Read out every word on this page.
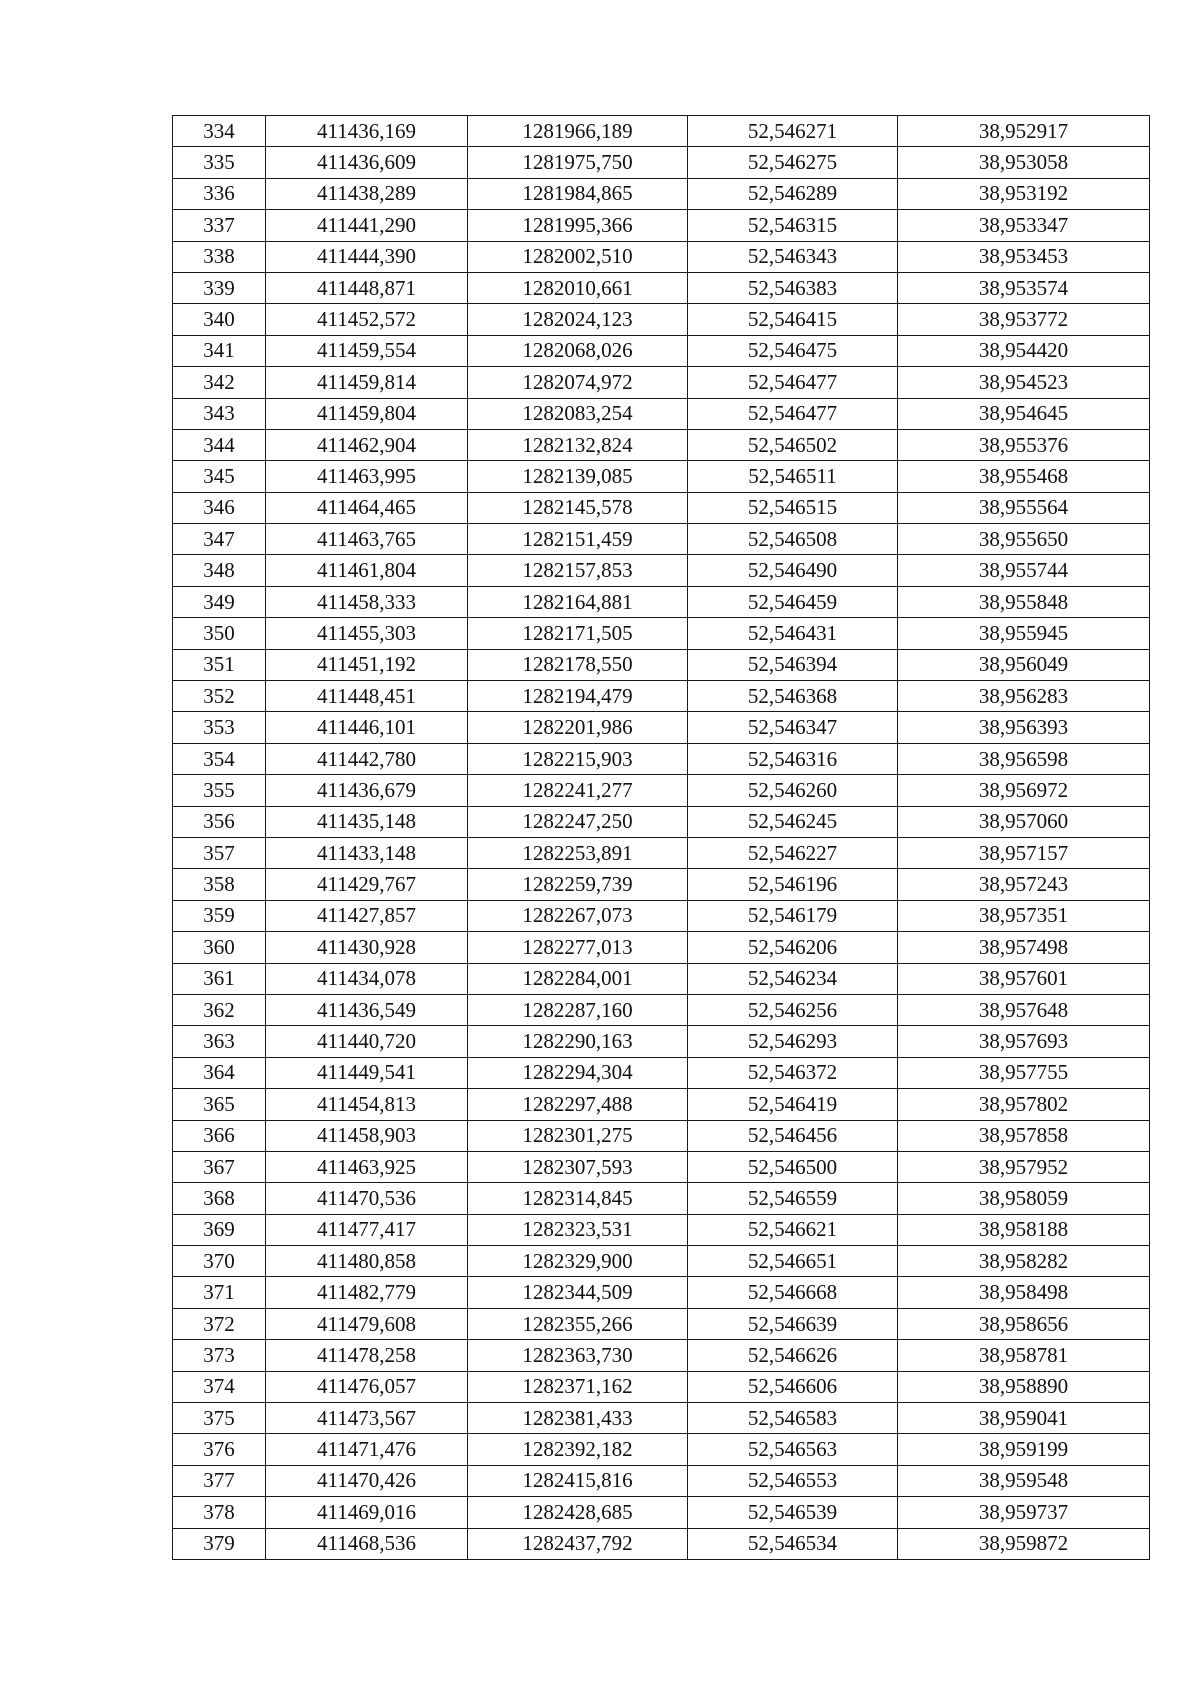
334	411436,169	1281966,189	52,546271	38,952917
335	411436,609	1281975,750	52,546275	38,953058
336	411438,289	1281984,865	52,546289	38,953192
337	411441,290	1281995,366	52,546315	38,953347
338	411444,390	1282002,510	52,546343	38,953453
339	411448,871	1282010,661	52,546383	38,953574
340	411452,572	1282024,123	52,546415	38,953772
341	411459,554	1282068,026	52,546475	38,954420
342	411459,814	1282074,972	52,546477	38,954523
343	411459,804	1282083,254	52,546477	38,954645
344	411462,904	1282132,824	52,546502	38,955376
345	411463,995	1282139,085	52,546511	38,955468
346	411464,465	1282145,578	52,546515	38,955564
347	411463,765	1282151,459	52,546508	38,955650
348	411461,804	1282157,853	52,546490	38,955744
349	411458,333	1282164,881	52,546459	38,955848
350	411455,303	1282171,505	52,546431	38,955945
351	411451,192	1282178,550	52,546394	38,956049
352	411448,451	1282194,479	52,546368	38,956283
353	411446,101	1282201,986	52,546347	38,956393
354	411442,780	1282215,903	52,546316	38,956598
355	411436,679	1282241,277	52,546260	38,956972
356	411435,148	1282247,250	52,546245	38,957060
357	411433,148	1282253,891	52,546227	38,957157
358	411429,767	1282259,739	52,546196	38,957243
359	411427,857	1282267,073	52,546179	38,957351
360	411430,928	1282277,013	52,546206	38,957498
361	411434,078	1282284,001	52,546234	38,957601
362	411436,549	1282287,160	52,546256	38,957648
363	411440,720	1282290,163	52,546293	38,957693
364	411449,541	1282294,304	52,546372	38,957755
365	411454,813	1282297,488	52,546419	38,957802
366	411458,903	1282301,275	52,546456	38,957858
367	411463,925	1282307,593	52,546500	38,957952
368	411470,536	1282314,845	52,546559	38,958059
369	411477,417	1282323,531	52,546621	38,958188
370	411480,858	1282329,900	52,546651	38,958282
371	411482,779	1282344,509	52,546668	38,958498
372	411479,608	1282355,266	52,546639	38,958656
373	411478,258	1282363,730	52,546626	38,958781
374	411476,057	1282371,162	52,546606	38,958890
375	411473,567	1282381,433	52,546583	38,959041
376	411471,476	1282392,182	52,546563	38,959199
377	411470,426	1282415,816	52,546553	38,959548
378	411469,016	1282428,685	52,546539	38,959737
379	411468,536	1282437,792	52,546534	38,959872
